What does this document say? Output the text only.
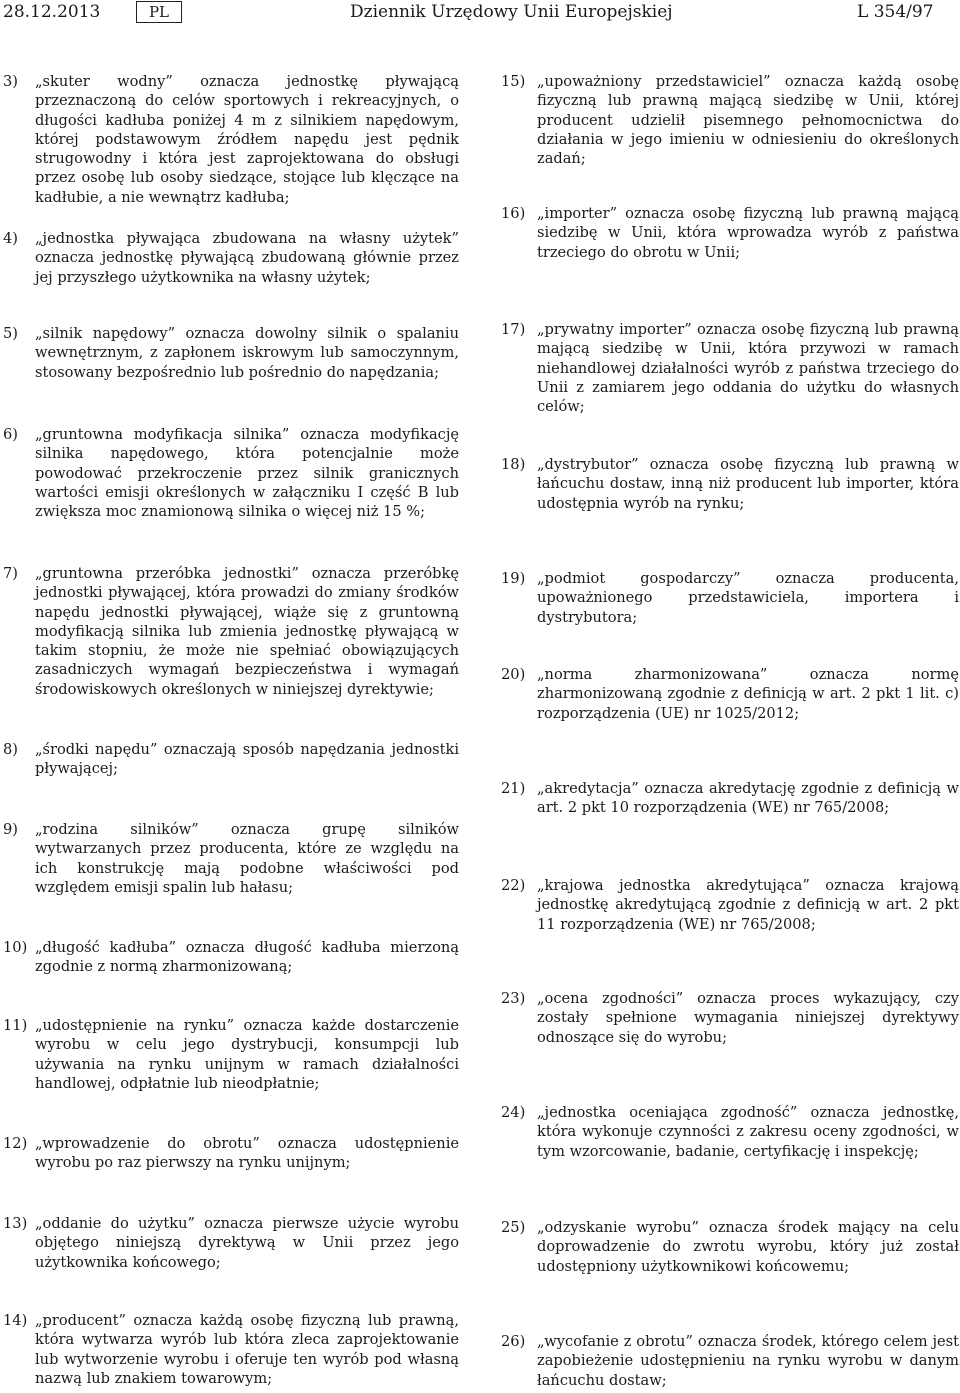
28.12.2013	PL	Dziennik Urzędowy Unii Europejskiej	L 354/97
3) „skuter wodny” oznacza jednostkę pływającą przeznaczoną do celów sportowych i rekreacyjnych, o długości kadłuba poniżej 4 m z silnikiem napędowym, której podstawowym źródłem napędu jest pędnik strugowodny i która jest zaprojektowana do obsługi przez osobę lub osoby siedzące, stojące lub klęczące na kadłubie, a nie wewnątrz kadłuba;

4) „jednostka pływająca zbudowana na własny użytek” oznacza jednostkę pływającą zbudowaną głównie przez jej przyszłego użytkownika na własny użytek;

5) „silnik napędowy” oznacza dowolny silnik o spalaniu wewnętrznym, z zapłonem iskrowym lub samoczynnym, stosowany bezpośrednio lub pośrednio do napędzania;

6) „gruntowna modyfikacja silnika” oznacza modyfikację silnika napędowego, która potencjalnie może powodować przekroczenie przez silnik granicznych wartości emisji określonych w załączniku I część B lub zwiększa moc znamionową silnika o więcej niż 15 %;

7) „gruntowna przeróbka jednostki” oznacza przeróbkę jednostki pływającej, która prowadzi do zmiany środków napędu jednostki pływającej, wiąże się z gruntowną modyfikacją silnika lub zmienia jednostkę pływającą w takim stopniu, że może nie spełniać obowiązujących zasadniczych wymagań bezpieczeństwa i wymagań środowiskowych określonych w niniejszej dyrektywie;

8) „środki napędu” oznaczają sposób napędzania jednostki pływającej;

9) „rodzina silników” oznacza grupę silników wytwarzanych przez producenta, które ze względu na ich konstrukcję mają podobne właściwości pod względem emisji spalin lub hałasu;

10) „długość kadłuba” oznacza długość kadłuba mierzoną zgodnie z normą zharmonizowaną;

11) „udostępnienie na rynku” oznacza każde dostarczenie wyrobu w celu jego dystrybucji, konsumpcji lub używania na rynku unijnym w ramach działalności handlowej, odpłatnie lub nieodpłatnie;

12) „wprowadzenie do obrotu” oznacza udostępnienie wyrobu po raz pierwszy na rynku unijnym;

13) „oddanie do użytku” oznacza pierwsze użycie wyrobu objętego niniejszą dyrektywą w Unii przez jego użytkownika końcowego;

14) „producent” oznacza każdą osobę fizyczną lub prawną, która wytwarza wyrób lub która zleca zaprojektowanie lub wytworzenie wyrobu i oferuje ten wyrób pod własną nazwą lub znakiem towarowym;

15) „upoważniony przedstawiciel” oznacza każdą osobę fizyczną lub prawną mającą siedzibę w Unii, której producent udzielił pisemnego pełnomocnictwa do działania w jego imieniu w odniesieniu do określonych zadań;

16) „importer” oznacza osobę fizyczną lub prawną mającą siedzibę w Unii, która wprowadza wyrób z państwa trzeciego do obrotu w Unii;

17) „prywatny importer” oznacza osobę fizyczną lub prawną mającą siedzibę w Unii, która przywozi w ramach niehandlowej działalności wyrób z państwa trzeciego do Unii z zamiarem jego oddania do użytku do własnych celów;

18) „dystrybutor” oznacza osobę fizyczną lub prawną w łańcuchu dostaw, inną niż producent lub importer, która udostępnia wyrób na rynku;

19) „podmiot gospodarczy” oznacza producenta, upoważnionego przedstawiciela, importera i dystrybutora;

20) „norma zharmonizowana” oznacza normę zharmonizowaną zgodnie z definicją w art. 2 pkt 1 lit. c) rozporządzenia (UE) nr 1025/2012;

21) „akredytacja” oznacza akredytację zgodnie z definicją w art. 2 pkt 10 rozporządzenia (WE) nr 765/2008;

22) „krajowa jednostka akredytująca” oznacza krajową jednostkę akredytującą zgodnie z definicją w art. 2 pkt 11 rozporządzenia (WE) nr 765/2008;

23) „ocena zgodności” oznacza proces wykazujący, czy zostały spełnione wymagania niniejszej dyrektywy odnoszące się do wyrobu;

24) „jednostka oceniająca zgodność” oznacza jednostkę, która wykonuje czynności z zakresu oceny zgodności, w tym wzorcowanie, badanie, certyfikację i inspekcję;

25) „odzyskanie wyrobu” oznacza środek mający na celu doprowadzenie do zwrotu wyrobu, który już został udostępniony użytkownikowi końcowemu;

26) „wycofanie z obrotu” oznacza środek, którego celem jest zapobieżenie udostępnieniu na rynku wyrobu w danym łańcuchu dostaw;
